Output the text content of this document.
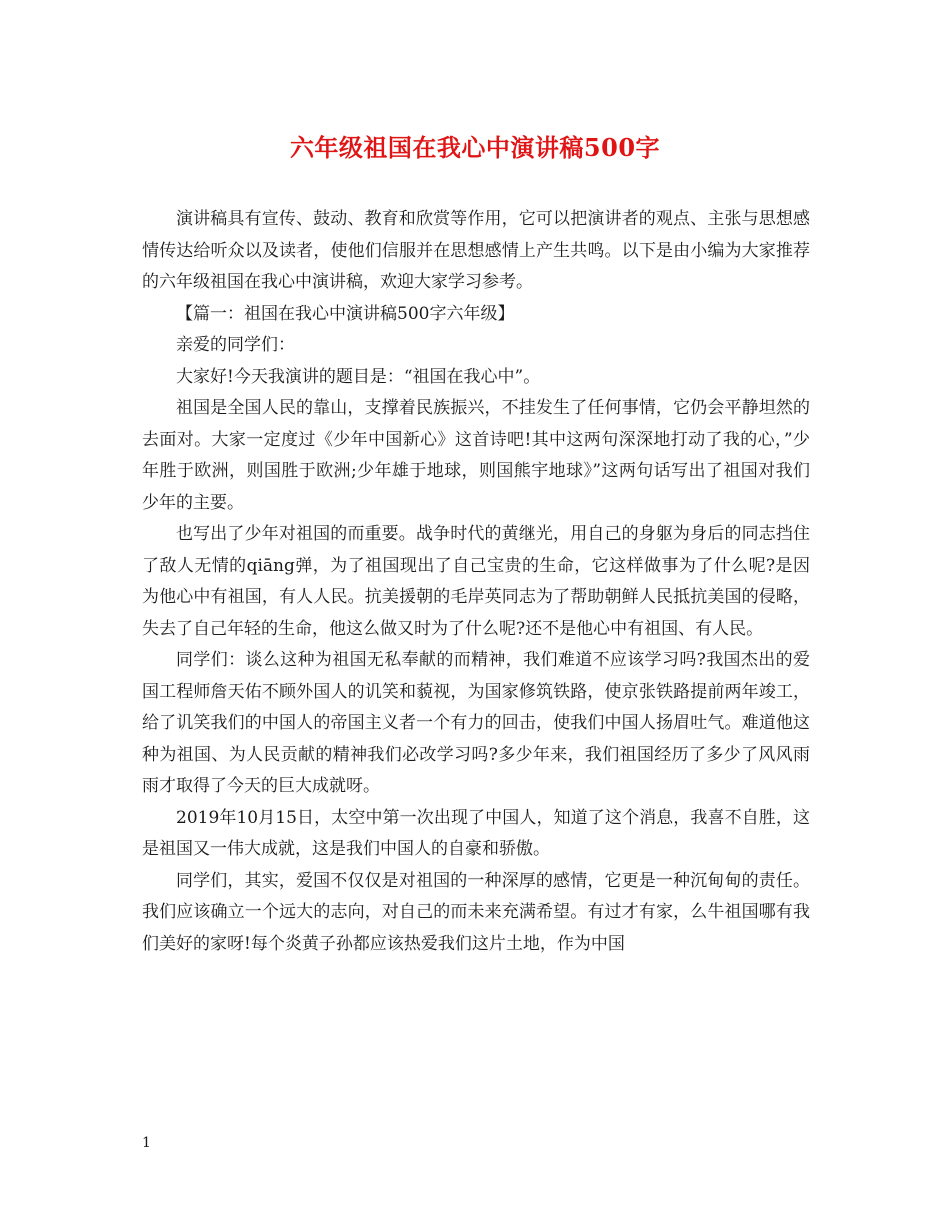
六年级祖国在我心中演讲稿500字

演讲稿具有宣传、鼓动、教育和欣赏等作用，它可以把演讲者的观点、主张与思想感情传达给听众以及读者，使他们信服并在思想感情上产生共鸣。以下是由小编为大家推荐的六年级祖国在我心中演讲稿，欢迎大家学习参考。

【篇一：祖国在我心中演讲稿500字六年级】

亲爱的同学们：

大家好!今天我演讲的题目是：“祖国在我心中”。

祖国是全国人民的靠山，支撑着民族振兴，不挂发生了任何事情，它仍会平静坦然的去面对。大家一定度过《少年中国新心》这首诗吧!其中这两句深深地打动了我的心，”少年胜于欧洲，则国胜于欧洲;少年雄于地球，则国熊宇地球》”这两句话写出了祖国对我们少年的主要。

也写出了少年对祖国的而重要。战争时代的黄继光，用自己的身躯为身后的同志挡住了敌人无情的qiāng弹，为了祖国现出了自己宝贵的生命，它这样做事为了什么呢?是因为他心中有祖国，有人人民。抗美援朝的毛岸英同志为了帮助朝鲜人民抵抗美国的侵略，失去了自己年轻的生命，他这么做又时为了什么呢?还不是他心中有祖国、有人民。

同学们：谈么这种为祖国无私奉献的而精神，我们难道不应该学习吗?我国杰出的爱国工程师詹天佑不顾外国人的讥笑和藐视，为国家修筑铁路，使京张铁路提前两年竣工，给了讥笑我们的中国人的帝国主义者一个有力的回击，使我们中国人扬眉吐气。难道他这种为祖国、为人民贡献的精神我们必改学习吗?多少年来，我们祖国经历了多少了风风雨雨才取得了今天的巨大成就呀。

2019年10月15日，太空中第一次出现了中国人，知道了这个消息，我喜不自胜，这是祖国又一伟大成就，这是我们中国人的自豪和骄傲。

同学们，其实，爱国不仅仅是对祖国的一种深厚的感情，它更是一种沉甸甸的责任。我们应该确立一个远大的志向，对自己的而未来充满希望。有过才有家，么牛祖国哪有我们美好的家呀!每个炎黄子孙都应该热爱我们这片土地，作为中国

1
